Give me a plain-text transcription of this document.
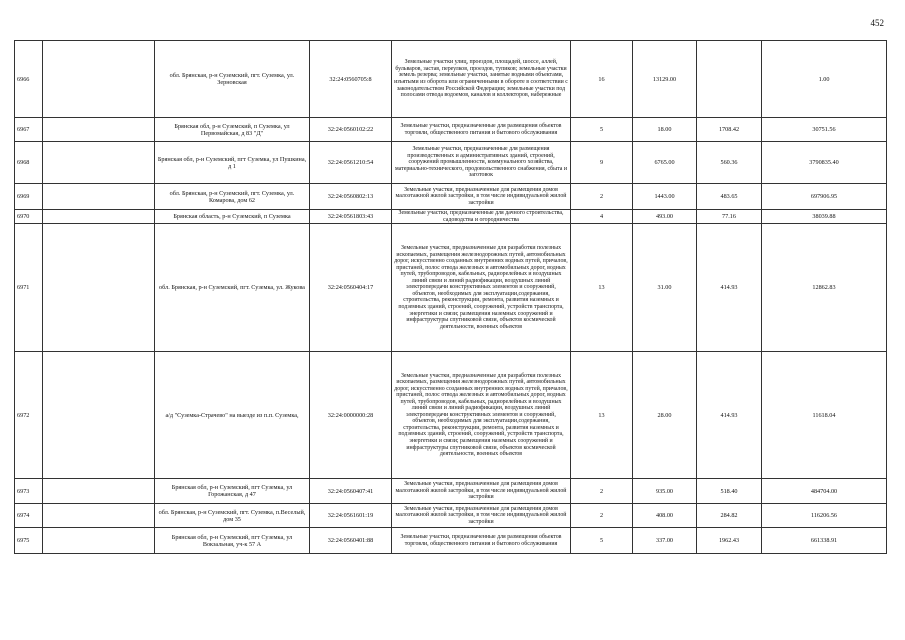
452
6966		обл. Брянская, р-н Суземский, пгт. Суземка, ул. Зерновская	32:24:0560705:8	Земельные участки улиц, проездов, площадей, шоссе, аллей, бульваров, застав, переулков, проездов, тупиков; земельные участки земель резерва; земельные участки, занятые водными объектами, изъятыми из оборота или ограниченными в обороте в соответствии с законодательством Российской Федерации; земельные участки под полосами отвода водоемов, каналов и коллекторов, набережные	16	13129.00		1.00
6967		Брянская обл, р-н Суземский, п Суземка, ул Первомайская, д 83 "Д"	32:24:0560102:22	Земельные участки, предназначенные для размещения объектов торговли, общественного питания и бытового обслуживания	5	18.00	1708.42	30751.56
6968		Брянская обл, р-н Суземский, пгт Суземка, ул Пушкина, д 1	32:24:0561210:54	Земельные участки, предназначенные для размещения производственных и административных зданий, строений, сооружений промышленности, коммунального хозяйства, материально-технического, продовольственного снабжения, сбыта и заготовок	9	6765.00	560.36	3790835.40
6969		обл. Брянская, р-н Суземский, пгт. Суземка, ул. Комарова, дом 62	32:24:0560802:13	Земельные участки, предназначенные для размещения домов малоэтажной жилой застройки, в том числе индивидуальной жилой застройки	2	1443.00	483.65	697906.95
6970		Брянская область, р-н Суземский, п Суземка	32:24:0561803:43	Земельные участки, предназначенные для дачного строительства, садоводства и огородничества	4	493.00	77.16	38039.88
6971		обл. Брянская, р-н Суземский, пгт. Суземка, ул. Жукова	32:24:0560404:17	Земельные участки, предназначенные для разработки полезных ископаемых, размещения железнодорожных путей, автомобильных дорог, искусственно созданных внутренних водных путей, причалов, пристаней, полос отвода железных и автомобильных дорог, водных путей, трубопроводов, кабельных, радиорелейных и воздушных линий связи и линий радиофикации, воздушных линий электропередачи конструктивных элементов и сооружений, объектов, необходимых для эксплуатации,содержания, строительства, реконструкции, ремонта, развития наземных и подземных зданий, строений, сооружений, устройств транспорта, энергетики и связи; размещения наземных сооружений и инфраструктуры спутниковой связи, объектов космической деятельности, военных объектов	13	31.00	414.93	12862.83
6972		а/д "Суземка-Страчево" на выезде из п.п. Суземка,	32:24:0000000:28	Земельные участки, предназначенные для разработки полезных ископаемых, размещения железнодорожных путей, автомобильных дорог, искусственно созданных внутренних водных путей, причалов, пристаней, полос отвода железных и автомобильных дорог, водных путей, трубопроводов, кабельных, радиорелейных и воздушных линий связи и линий радиофикации, воздушных линий электропередачи конструктивных элементов и сооружений, объектов, необходимых для эксплуатации,содержания, строительства, реконструкции, ремонта, развития наземных и подземных зданий, строений, сооружений, устройств транспорта, энергетики и связи; размещения наземных сооружений и инфраструктуры спутниковой связи, объектов космической деятельности, военных объектов	13	28.00	414.93	11618.04
6973		Брянская обл, р-н Суземский, пгт Суземка, ул Горожанская, д 47	32:24:0560407:41	Земельные участки, предназначенные для размещения домов малоэтажной жилой застройки, в том числе индивидуальной жилой застройки	2	935.00	518.40	484704.00
6974		обл. Брянская, р-н Суземский, пгт. Суземка, п.Веселый, дом 35	32:24:0561601:19	Земельные участки, предназначенные для размещения домов малоэтажной жилой застройки, в том числе индивидуальной жилой застройки	2	408.00	284.82	116206.56
6975		Брянская обл, р-н Суземский, пгт Суземка, ул Вокзальная, уч-к 57 А	32:24:0560401:88	Земельные участки, предназначенные для размещения объектов торговли, общественного питания и бытового обслуживания	5	337.00	1962.43	661338.91
